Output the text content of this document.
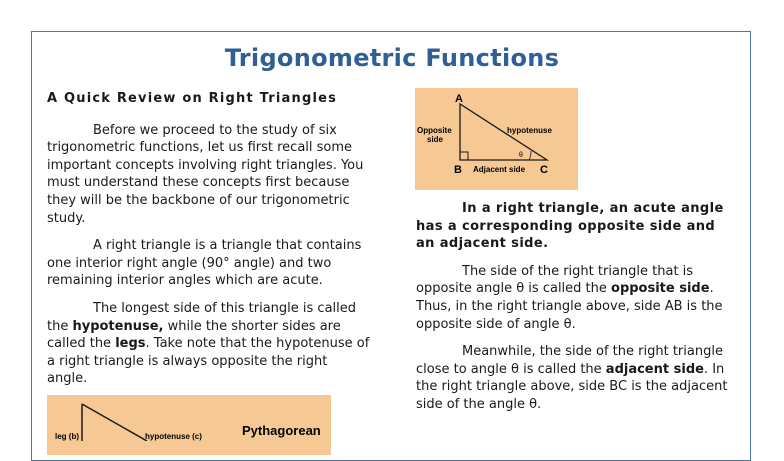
Trigonometric Functions

A Quick Review on Right Triangles

Before we proceed to the study of six trigonometric functions, let us first recall some important concepts involving right triangles. You must understand these concepts first because they will be the backbone of our trigonometric study.

A right triangle is a triangle that contains one interior right angle (90° angle) and two remaining interior angles which are acute.

The longest side of this triangle is called the hypotenuse, while the shorter sides are called the legs. Take note that the hypotenuse of a right triangle is always opposite the right angle.

A
B	C
Opposite
side
hypotenuse
Adjacent side
θ

In a right triangle, an acute angle has a corresponding opposite side and an adjacent side.

The side of the right triangle that is opposite angle θ is called the opposite side. Thus, in the right triangle above, side AB is the opposite side of angle θ.

Meanwhile, the side of the right triangle close to angle θ is called the adjacent side. In the right triangle above, side BC is the adjacent side of the angle θ.

leg (b)	hypotenuse (c)	Pythagorean
